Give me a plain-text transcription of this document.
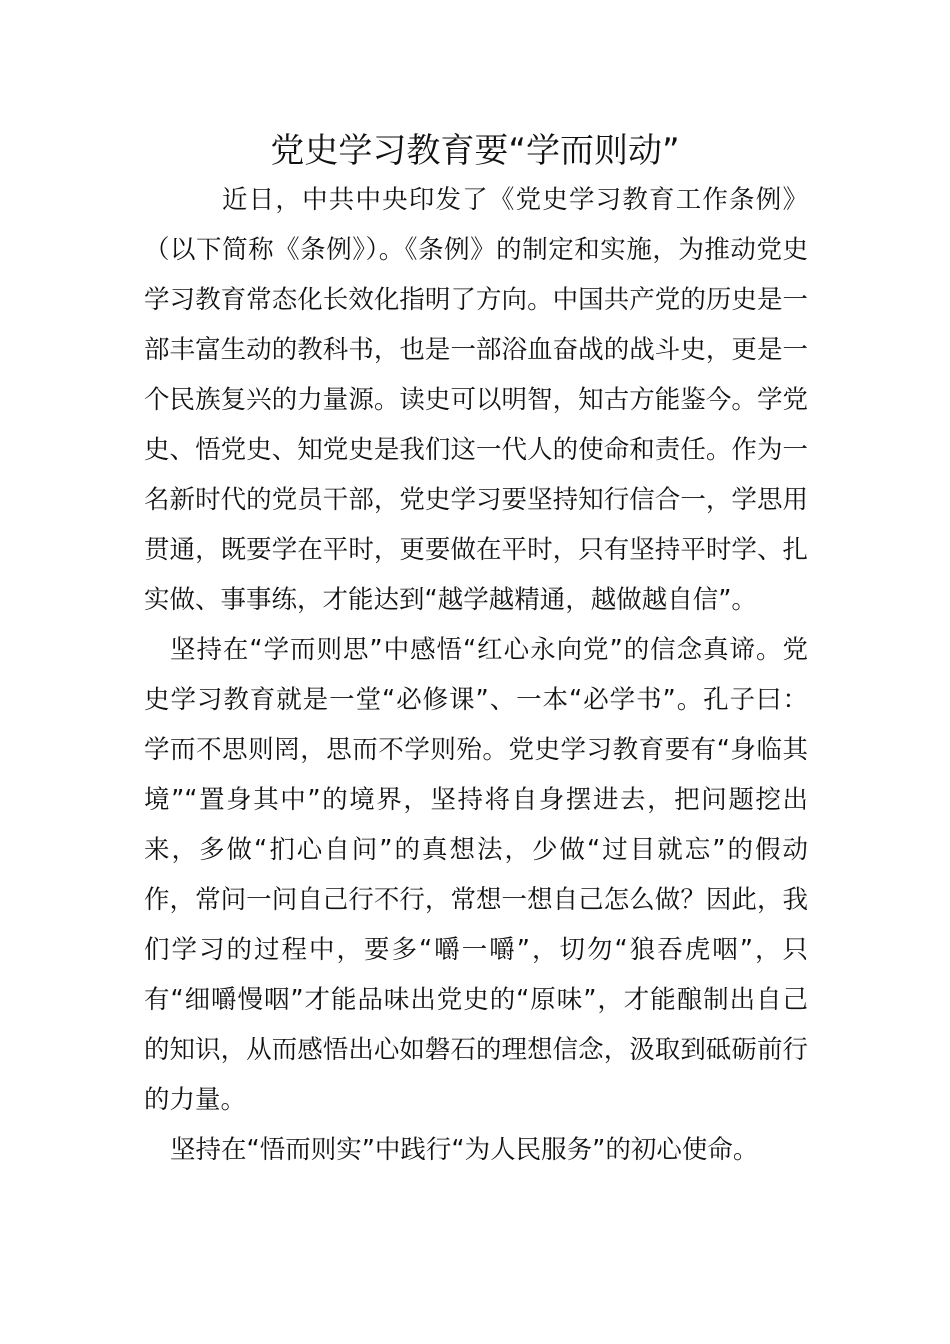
党史学习教育要“学而则动”

近日，中共中央印发了《党史学习教育工作条例》（以下简称《条例》）。《条例》的制定和实施，为推动党史学习教育常态化长效化指明了方向。中国共产党的历史是一部丰富生动的教科书，也是一部浴血奋战的战斗史，更是一个民族复兴的力量源。读史可以明智，知古方能鉴今。学党史、悟党史、知党史是我们这一代人的使命和责任。作为一名新时代的党员干部，党史学习要坚持知行信合一，学思用贯通，既要学在平时，更要做在平时，只有坚持平时学、扎实做、事事练，才能达到“越学越精通，越做越自信”。

坚持在“学而则思”中感悟“红心永向党”的信念真谛。党史学习教育就是一堂“必修课”、一本“必学书”。孔子曰：学而不思则罔，思而不学则殆。党史学习教育要有“身临其境”“置身其中”的境界，坚持将自身摆进去，把问题挖出来，多做“扪心自问”的真想法，少做“过目就忘”的假动作，常问一问自己行不行，常想一想自己怎么做？因此，我们学习的过程中，要多“嚼一嚼”，切勿“狼吞虎咽”，只有“细嚼慢咽”才能品味出党史的“原味”，才能酿制出自己的知识，从而感悟出心如磐石的理想信念，汲取到砥砺前行的力量。

坚持在“悟而则实”中践行“为人民服务”的初心使命。
